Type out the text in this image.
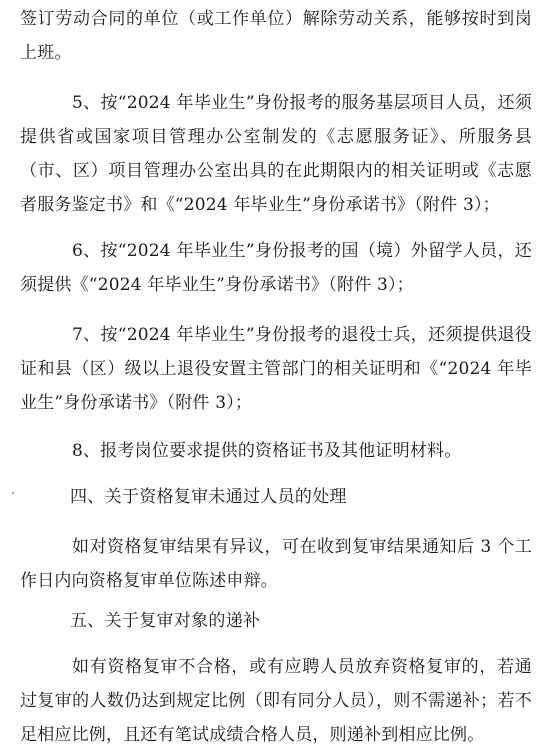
签订劳动合同的单位（或工作单位）解除劳动关系，能够按时到岗上班。

5、按“2024 年毕业生”身份报考的服务基层项目人员，还须提供省或国家项目管理办公室制发的《志愿服务证》、所服务县（市、区）项目管理办公室出具的在此期限内的相关证明或《志愿者服务鉴定书》和《“2024 年毕业生”身份承诺书》（附件 3）；

6、按“2024 年毕业生”身份报考的国（境）外留学人员，还须提供《“2024 年毕业生”身份承诺书》（附件 3）；

7、按“2024 年毕业生”身份报考的退役士兵，还须提供退役证和县（区）级以上退役安置主管部门的相关证明和《“2024 年毕业生”身份承诺书》（附件 3）；

8、报考岗位要求提供的资格证书及其他证明材料。

四、关于资格复审未通过人员的处理

如对资格复审结果有异议，可在收到复审结果通知后 3 个工作日内向资格复审单位陈述申辩。

五、关于复审对象的递补

如有资格复审不合格，或有应聘人员放弃资格复审的，若通过复审的人数仍达到规定比例（即有同分人员），则不需递补；若不足相应比例，且还有笔试成绩合格人员，则递补到相应比例。
